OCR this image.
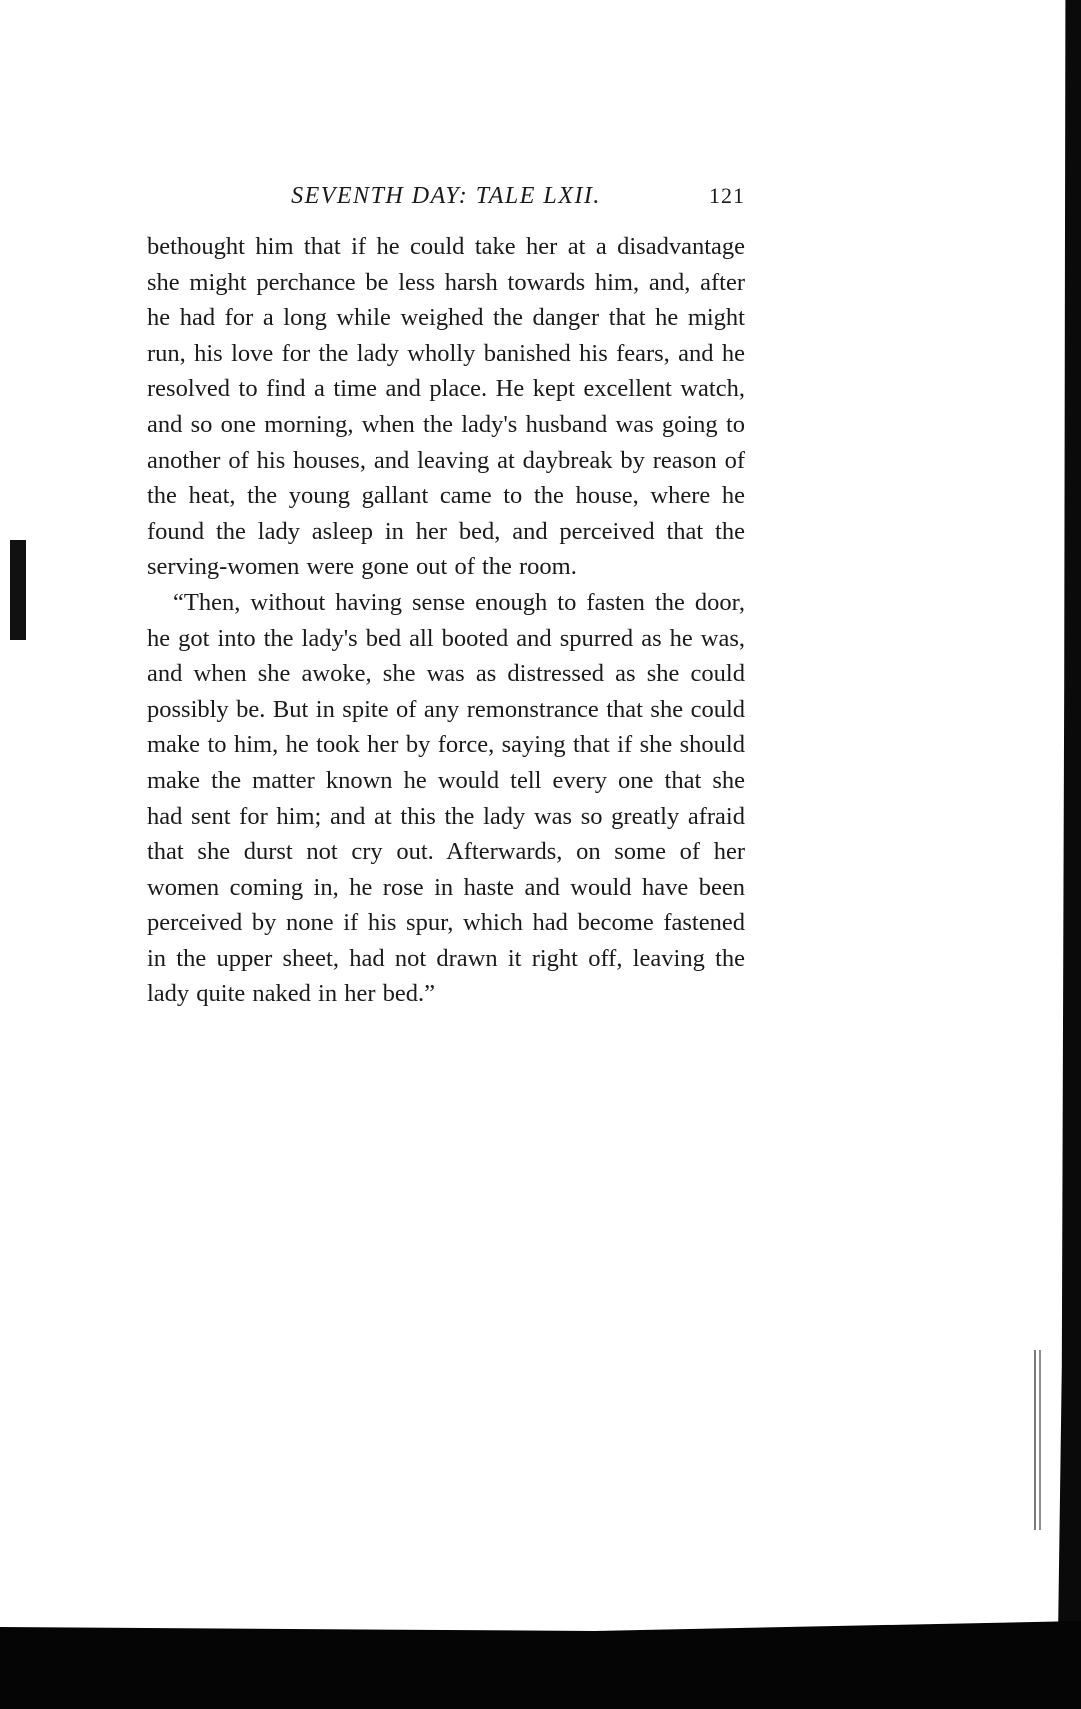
SEVENTH DAY: TALE LXII.	121

bethought him that if he could take her at a disadvantage she might perchance be less harsh towards him, and, after he had for a long while weighed the danger that he might run, his love for the lady wholly banished his fears, and he resolved to find a time and place. He kept excellent watch, and so one morning, when the lady's husband was going to another of his houses, and leaving at daybreak by reason of the heat, the young gallant came to the house, where he found the lady asleep in her bed, and perceived that the serving-women were gone out of the room.

“Then, without having sense enough to fasten the door, he got into the lady's bed all booted and spurred as he was, and when she awoke, she was as distressed as she could possibly be. But in spite of any remonstrance that she could make to him, he took her by force, saying that if she should make the matter known he would tell every one that she had sent for him; and at this the lady was so greatly afraid that she durst not cry out. Afterwards, on some of her women coming in, he rose in haste and would have been perceived by none if his spur, which had become fastened in the upper sheet, had not drawn it right off, leaving the lady quite naked in her bed.”
